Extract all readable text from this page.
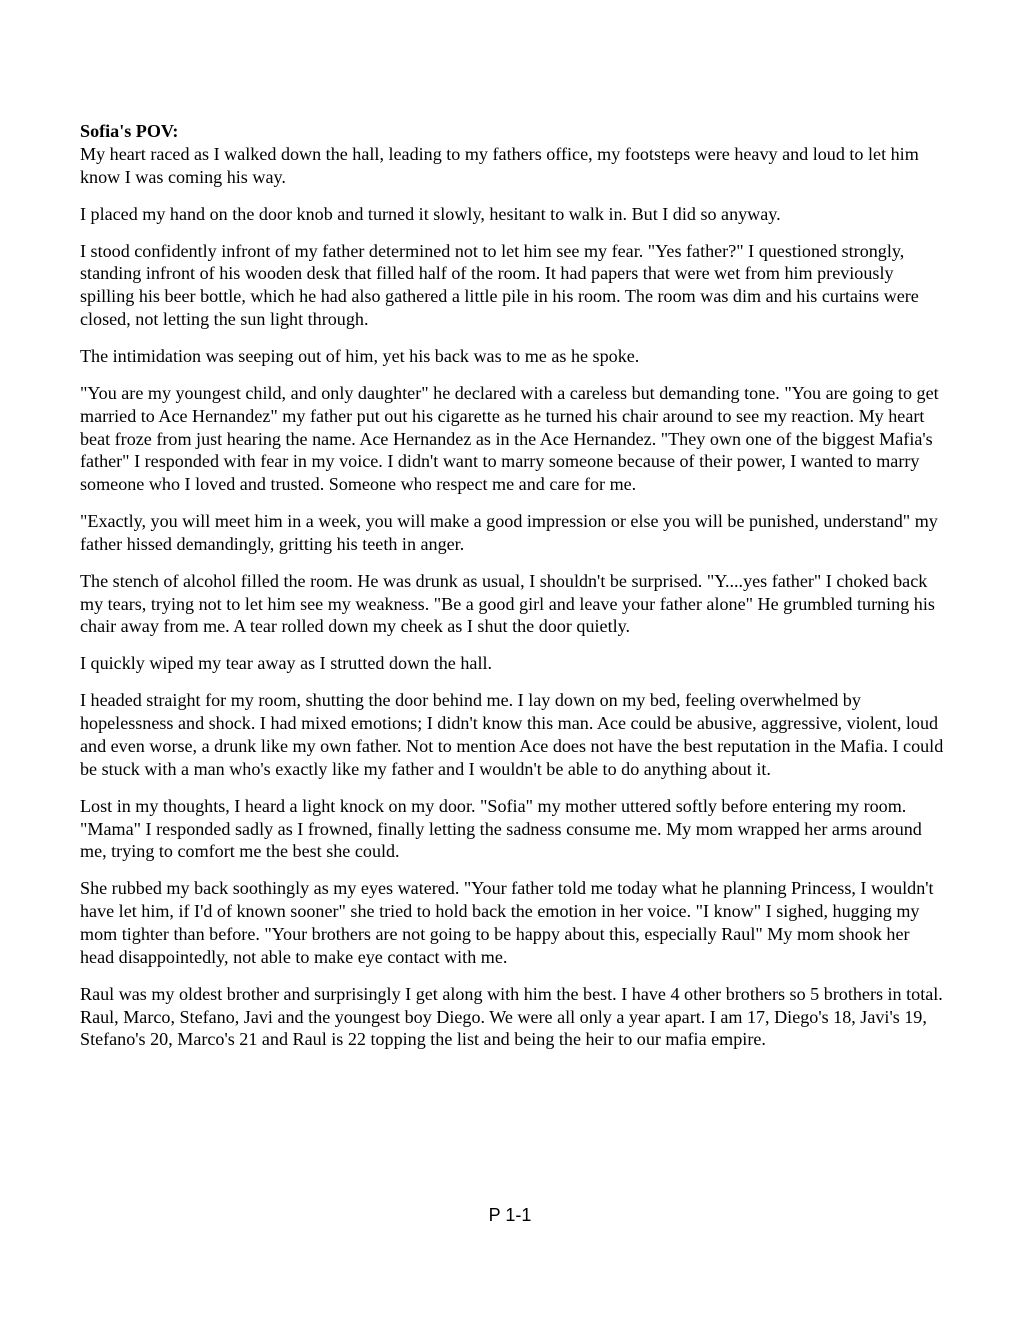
Sofia's POV:

My heart raced as I walked down the hall, leading to my fathers office, my footsteps were heavy and loud to let him know I was coming his way.

I placed my hand on the door knob and turned it slowly, hesitant to walk in. But I did so anyway.

I stood confidently infront of my father determined not to let him see my fear. "Yes father?" I questioned strongly, standing infront of his wooden desk that filled half of the room. It had papers that were wet from him previously spilling his beer bottle, which he had also gathered a little pile in his room. The room was dim and his curtains were closed, not letting the sun light through.

The intimidation was seeping out of him, yet his back was to me as he spoke.

"You are my youngest child, and only daughter" he declared with a careless but demanding tone. "You are going to get married to Ace Hernandez" my father put out his cigarette as he turned his chair around to see my reaction. My heart beat froze from just hearing the name. Ace Hernandez as in the Ace Hernandez. "They own one of the biggest Mafia's father" I responded with fear in my voice. I didn't want to marry someone because of their power, I wanted to marry someone who I loved and trusted. Someone who respect me and care for me.

"Exactly, you will meet him in a week, you will make a good impression or else you will be punished, understand" my father hissed demandingly, gritting his teeth in anger.

The stench of alcohol filled the room. He was drunk as usual, I shouldn't be surprised. "Y....yes father" I choked back my tears, trying not to let him see my weakness. "Be a good girl and leave your father alone" He grumbled turning his chair away from me. A tear rolled down my cheek as I shut the door quietly.

I quickly wiped my tear away as I strutted down the hall.

I headed straight for my room, shutting the door behind me. I lay down on my bed, feeling overwhelmed by hopelessness and shock. I had mixed emotions; I didn't know this man. Ace could be abusive, aggressive, violent, loud and even worse, a drunk like my own father. Not to mention Ace does not have the best reputation in the Mafia. I could be stuck with a man who's exactly like my father and I wouldn't be able to do anything about it.

Lost in my thoughts, I heard a light knock on my door. "Sofia" my mother uttered softly before entering my room. "Mama" I responded sadly as I frowned, finally letting the sadness consume me. My mom wrapped her arms around me, trying to comfort me the best she could.

She rubbed my back soothingly as my eyes watered. "Your father told me today what he planning Princess, I wouldn't have let him, if I'd of known sooner" she tried to hold back the emotion in her voice. "I know" I sighed, hugging my mom tighter than before. "Your brothers are not going to be happy about this, especially Raul" My mom shook her head disappointedly, not able to make eye contact with me.

Raul was my oldest brother and surprisingly I get along with him the best. I have 4 other brothers so 5 brothers in total. Raul, Marco, Stefano, Javi and the youngest boy Diego. We were all only a year apart. I am 17, Diego's 18, Javi's 19, Stefano's 20, Marco's 21 and Raul is 22 topping the list and being the heir to our mafia empire.

P 1-1
